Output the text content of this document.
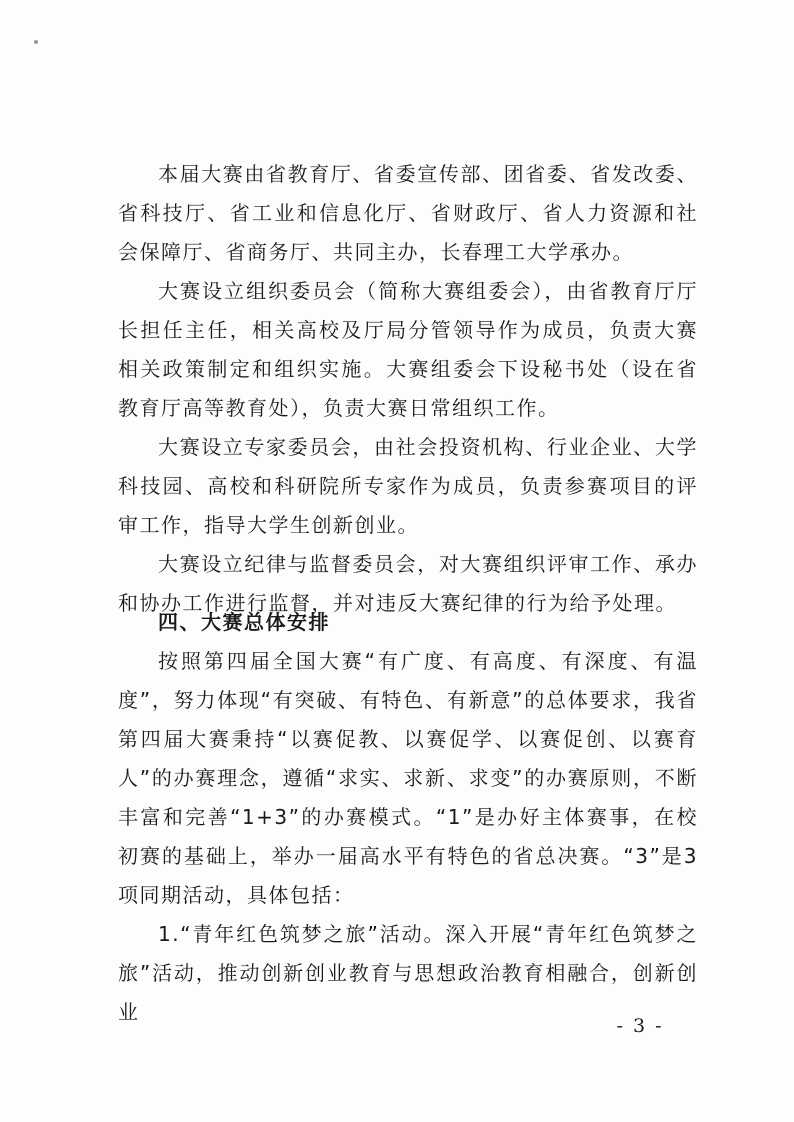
本届大赛由省教育厅、省委宣传部、团省委、省发改委、省科技厅、省工业和信息化厅、省财政厅、省人力资源和社会保障厅、省商务厅、共同主办，长春理工大学承办。

大赛设立组织委员会（简称大赛组委会），由省教育厅厅长担任主任，相关高校及厅局分管领导作为成员，负责大赛相关政策制定和组织实施。大赛组委会下设秘书处（设在省教育厅高等教育处），负责大赛日常组织工作。

大赛设立专家委员会，由社会投资机构、行业企业、大学科技园、高校和科研院所专家作为成员，负责参赛项目的评审工作，指导大学生创新创业。

大赛设立纪律与监督委员会，对大赛组织评审工作、承办和协办工作进行监督，并对违反大赛纪律的行为给予处理。

四、大赛总体安排

按照第四届全国大赛“有广度、有高度、有深度、有温度”，努力体现“有突破、有特色、有新意”的总体要求，我省第四届大赛秉持“以赛促教、以赛促学、以赛促创、以赛育人”的办赛理念，遵循“求实、求新、求变”的办赛原则，不断丰富和完善“1+3”的办赛模式。“1”是办好主体赛事，在校初赛的基础上，举办一届高水平有特色的省总决赛。“3”是3项同期活动，具体包括：

1.“青年红色筑梦之旅”活动。深入开展“青年红色筑梦之旅”活动，推动创新创业教育与思想政治教育相融合，创新创业

- 3 -
